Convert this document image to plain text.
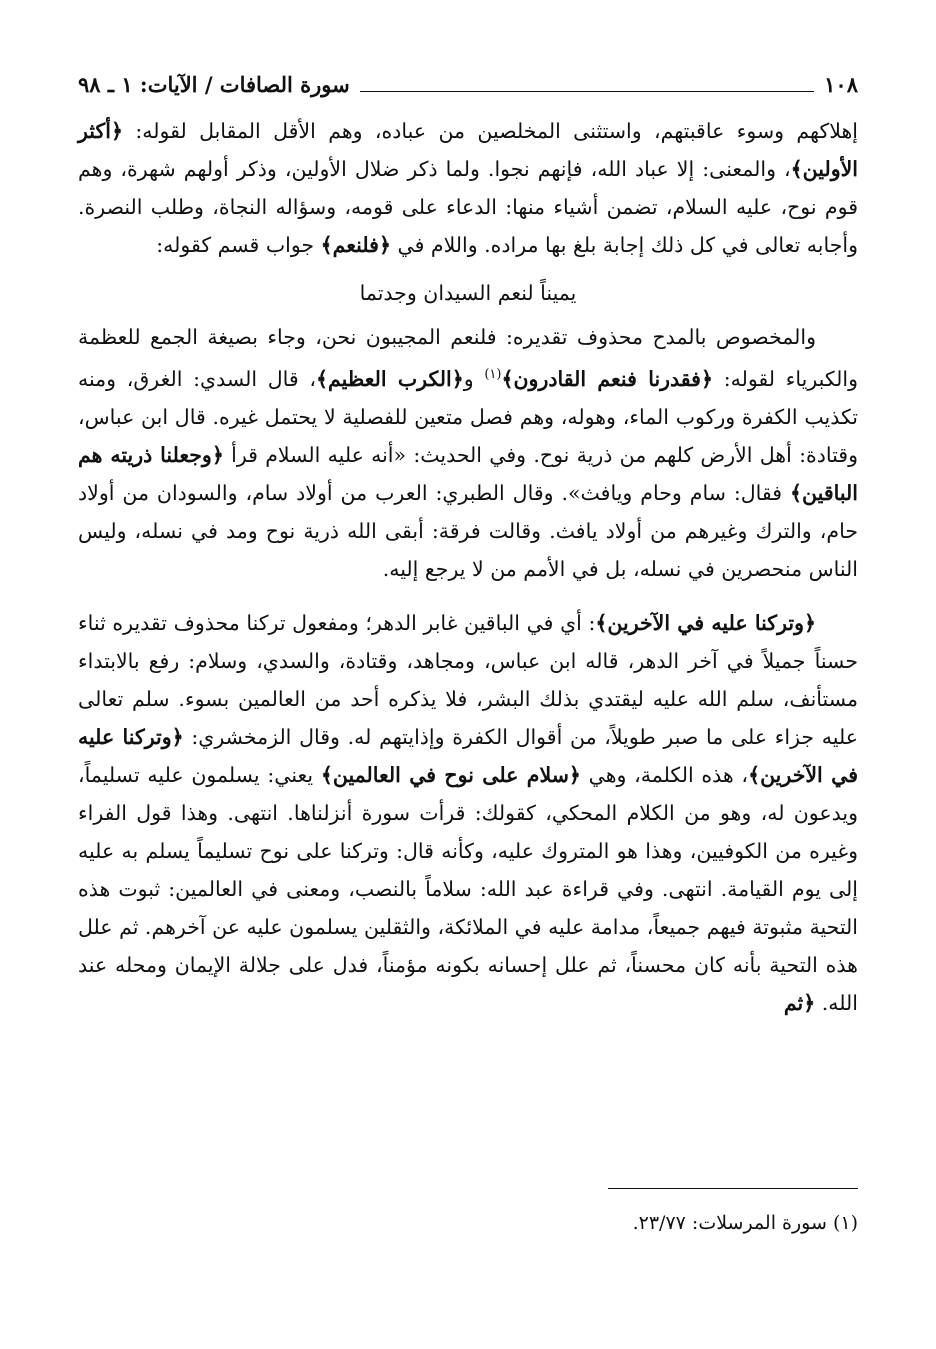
١٠٨
سورة الصافات / الآيات: ١ ـ ٩٨

إهلاكهم وسوء عاقبتهم، واستثنى المخلصين من عباده، وهم الأقل المقابل لقوله: ﴿أكثر الأولين﴾، والمعنى: إلا عباد الله، فإنهم نجوا. ولما ذكر ضلال الأولين، وذكر أولهم شهرة، وهم قوم نوح، عليه السلام، تضمن أشياء منها: الدعاء على قومه، وسؤاله النجاة، وطلب النصرة. وأجابه تعالى في كل ذلك إجابة بلغ بها مراده. واللام في ﴿فلنعم﴾ جواب قسم كقوله:

يميناً لنعم السيدان وجدتما

والمخصوص بالمدح محذوف تقديره: فلنعم المجيبون نحن، وجاء بصيغة الجمع للعظمة والكبرياء لقوله: ﴿فقدرنا فنعم القادرون﴾$^{(١)}$ و﴿الكرب العظيم﴾، قال السدي: الغرق، ومنه تكذيب الكفرة وركوب الماء، وهوله، وهم فصل متعين للفصلية لا يحتمل غيره. قال ابن عباس، وقتادة: أهل الأرض كلهم من ذرية نوح. وفي الحديث: «أنه عليه السلام قرأ ﴿وجعلنا ذريته هم الباقين﴾ فقال: سام وحام ويافث». وقال الطبري: العرب من أولاد سام، والسودان من أولاد حام، والترك وغيرهم من أولاد يافث. وقالت فرقة: أبقى الله ذرية نوح ومد في نسله، وليس الناس منحصرين في نسله، بل في الأمم من لا يرجع إليه.

﴿وتركنا عليه في الآخرين﴾: أي في الباقين غابر الدهر؛ ومفعول تركنا محذوف تقديره ثناء حسناً جميلاً في آخر الدهر، قاله ابن عباس، ومجاهد، وقتادة، والسدي، وسلام: رفع بالابتداء مستأنف، سلم الله عليه ليقتدي بذلك البشر، فلا يذكره أحد من العالمين بسوء. سلم تعالى عليه جزاء على ما صبر طويلاً، من أقوال الكفرة وإذايتهم له. وقال الزمخشري: ﴿وتركنا عليه في الآخرين﴾، هذه الكلمة، وهي ﴿سلام على نوح في العالمين﴾ يعني: يسلمون عليه تسليماً، ويدعون له، وهو من الكلام المحكي، كقولك: قرأت سورة أنزلناها. انتهى. وهذا قول الفراء وغيره من الكوفيين، وهذا هو المتروك عليه، وكأنه قال: وتركنا على نوح تسليماً يسلم به عليه إلى يوم القيامة. انتهى. وفي قراءة عبد الله: سلاماً بالنصب، ومعنى في العالمين: ثبوت هذه التحية مثبوتة فيهم جميعاً، مدامة عليه في الملائكة، والثقلين يسلمون عليه عن آخرهم. ثم علل هذه التحية بأنه كان محسناً، ثم علل إحسانه بكونه مؤمناً، فدل على جلالة الإيمان ومحله عند الله. ﴿ثم

(١) سورة المرسلات: ٢٣/٧٧.
